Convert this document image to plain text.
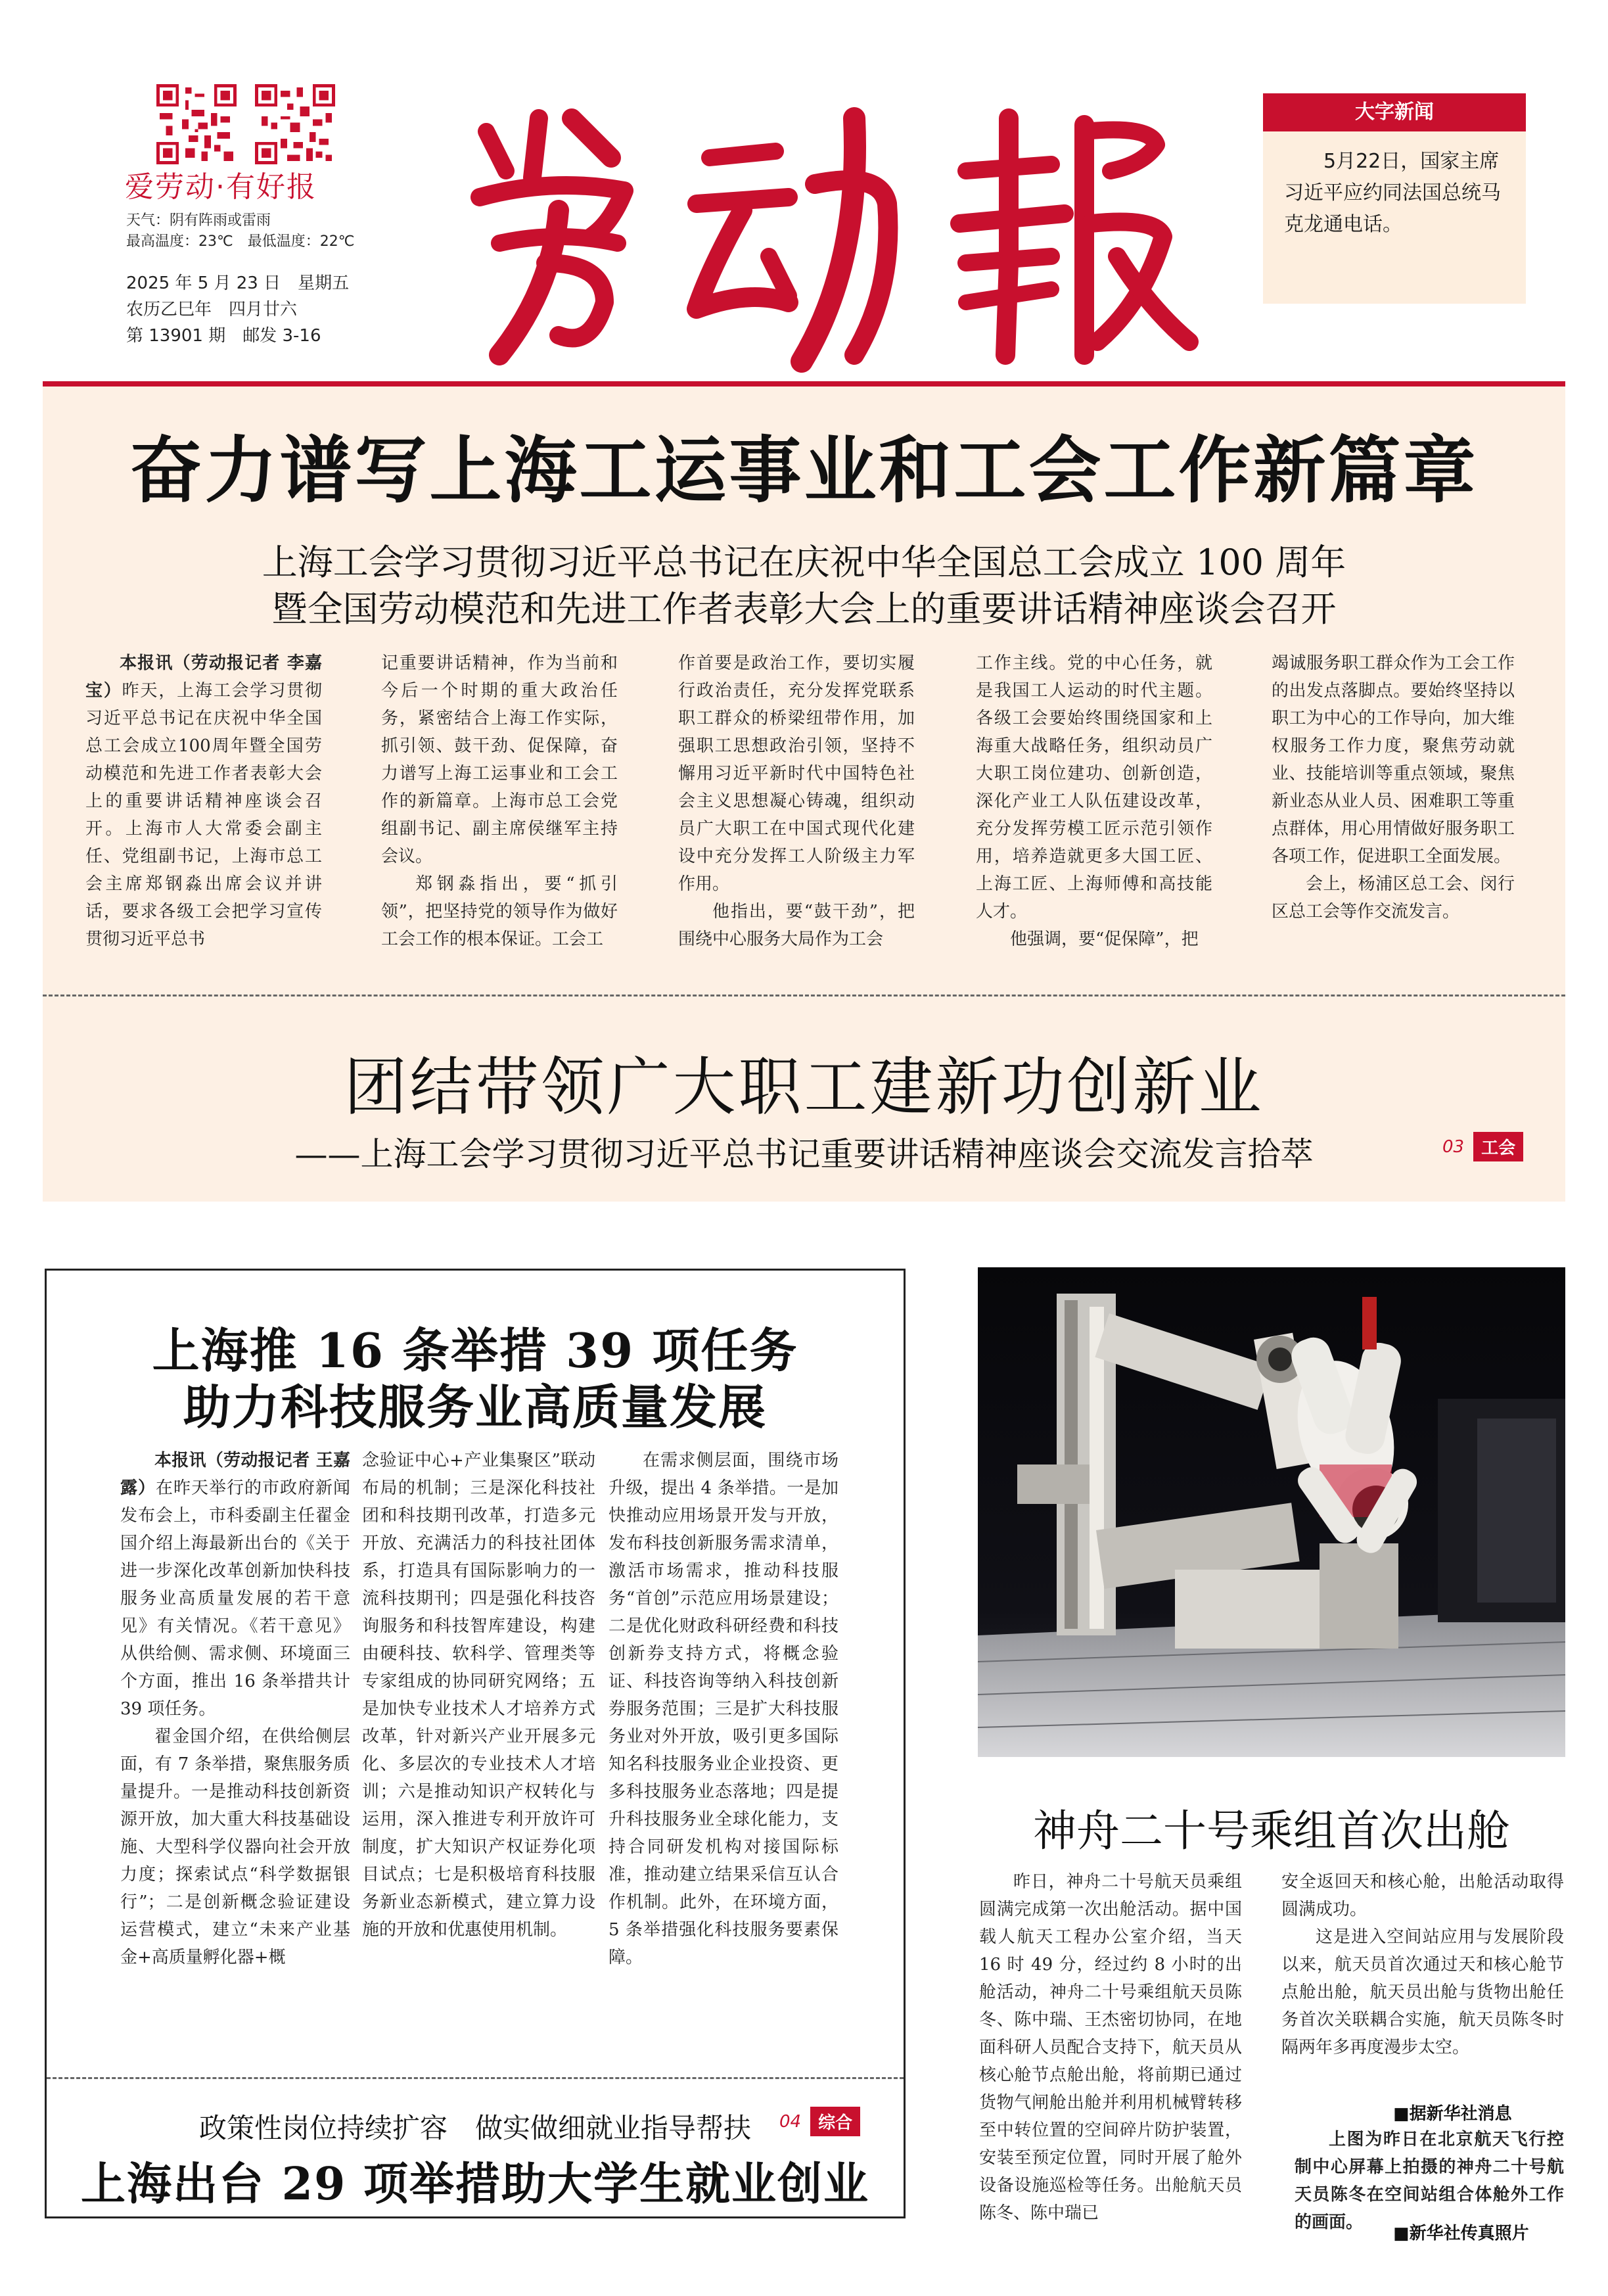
爱劳动·有好报
天气：阴有阵雨或雷雨
最高温度：23℃　最低温度：22℃
2025 年 5 月 23 日　星期五
农历乙巳年　四月廿六
第 13901 期　邮发 3-16
大字新闻
5月22日，国家主席习近平应约同法国总统马克龙通电话。
奋力谱写上海工运事业和工会工作新篇章
上海工会学习贯彻习近平总书记在庆祝中华全国总工会成立 100 周年
暨全国劳动模范和先进工作者表彰大会上的重要讲话精神座谈会召开

本报讯（劳动报记者 李嘉宝）昨天，上海工会学习贯彻习近平总书记在庆祝中华全国总工会成立100周年暨全国劳动模范和先进工作者表彰大会上的重要讲话精神座谈会召开。上海市人大常委会副主任、党组副书记，上海市总工会主席郑钢淼出席会议并讲话，要求各级工会把学习宣传贯彻习近平总书

记重要讲话精神，作为当前和今后一个时期的重大政治任务，紧密结合上海工作实际，抓引领、鼓干劲、促保障，奋力谱写上海工运事业和工会工作的新篇章。上海市总工会党组副书记、副主席侯继军主持会议。

郑钢淼指出，要“抓引领”，把坚持党的领导作为做好工会工作的根本保证。工会工

作首要是政治工作，要切实履行政治责任，充分发挥党联系职工群众的桥梁纽带作用，加强职工思想政治引领，坚持不懈用习近平新时代中国特色社会主义思想凝心铸魂，组织动员广大职工在中国式现代化建设中充分发挥工人阶级主力军作用。

他指出，要“鼓干劲”，把围绕中心服务大局作为工会

工作主线。党的中心任务，就是我国工人运动的时代主题。各级工会要始终围绕国家和上海重大战略任务，组织动员广大职工岗位建功、创新创造，深化产业工人队伍建设改革，充分发挥劳模工匠示范引领作用，培养造就更多大国工匠、上海工匠、上海师傅和高技能人才。

他强调，要“促保障”，把

竭诚服务职工群众作为工会工作的出发点落脚点。要始终坚持以职工为中心的工作导向，加大维权服务工作力度，聚焦劳动就业、技能培训等重点领域，聚焦新业态从业人员、困难职工等重点群体，用心用情做好服务职工各项工作，促进职工全面发展。

会上，杨浦区总工会、闵行区总工会等作交流发言。

团结带领广大职工建新功创新业
——上海工会学习贯彻习近平总书记重要讲话精神座谈会交流发言拾萃	03 工会
上海推 16 条举措 39 项任务
助力科技服务业高质量发展

本报讯（劳动报记者 王嘉露）在昨天举行的市政府新闻发布会上，市科委副主任翟金国介绍上海最新出台的《关于进一步深化改革创新加快科技服务业高质量发展的若干意见》有关情况。《若干意见》从供给侧、需求侧、环境面三个方面，推出 16 条举措共计 39 项任务。

翟金国介绍，在供给侧层面，有 7 条举措，聚焦服务质量提升。一是推动科技创新资源开放，加大重大科技基础设施、大型科学仪器向社会开放力度；探索试点“科学数据银行”；二是创新概念验证建设运营模式，建立“未来产业基金+高质量孵化器+概

念验证中心+产业集聚区”联动布局的机制；三是深化科技社团和科技期刊改革，打造多元开放、充满活力的科技社团体系，打造具有国际影响力的一流科技期刊；四是强化科技咨询服务和科技智库建设，构建由硬科技、软科学、管理类等专家组成的协同研究网络；五是加快专业技术人才培养方式改革，针对新兴产业开展多元化、多层次的专业技术人才培训；六是推动知识产权转化与运用，深入推进专利开放许可制度，扩大知识产权证券化项目试点；七是积极培育科技服务新业态新模式，建立算力设施的开放和优惠使用机制。

在需求侧层面，围绕市场升级，提出 4 条举措。一是加快推动应用场景开发与开放，发布科技创新服务需求清单，激活市场需求，推动科技服务“首创”示范应用场景建设；二是优化财政科研经费和科技创新券支持方式，将概念验证、科技咨询等纳入科技创新券服务范围；三是扩大科技服务业对外开放，吸引更多国际知名科技服务业企业投资、更多科技服务业态落地；四是提升科技服务业全球化能力，支持合同研发机构对接国际标准，推动建立结果采信互认合作机制。此外，在环境方面，5 条举措强化科技服务要素保障。

政策性岗位持续扩容　做实做细就业指导帮扶	04 综合
上海出台 29 项举措助大学生就业创业
神舟二十号乘组首次出舱

昨日，神舟二十号航天员乘组圆满完成第一次出舱活动。据中国载人航天工程办公室介绍，当天 16 时 49 分，经过约 8 小时的出舱活动，神舟二十号乘组航天员陈冬、陈中瑞、王杰密切协同，在地面科研人员配合支持下，航天员从核心舱节点舱出舱，将前期已通过货物气闸舱出舱并利用机械臂转移至中转位置的空间碎片防护装置，安装至预定位置，同时开展了舱外设备设施巡检等任务。出舱航天员陈冬、陈中瑞已

安全返回天和核心舱，出舱活动取得圆满成功。

这是进入空间站应用与发展阶段以来，航天员首次通过天和核心舱节点舱出舱，航天员出舱与货物出舱任务首次关联耦合实施，航天员陈冬时隔两年多再度漫步太空。

■据新华社消息

上图为昨日在北京航天飞行控制中心屏幕上拍摄的神舟二十号航天员陈冬在空间站组合体舱外工作的画面。

■新华社传真照片
